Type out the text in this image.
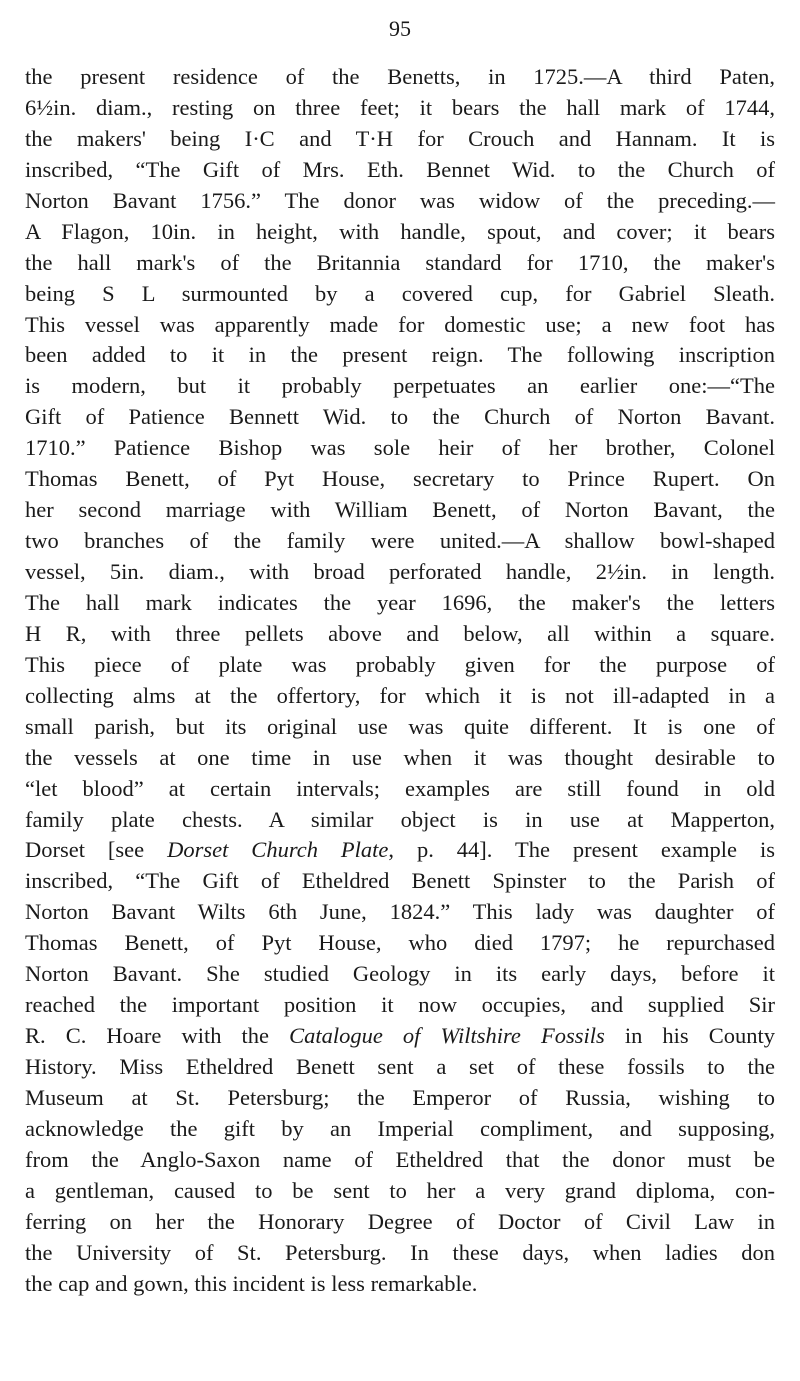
95
the present residence of the Benetts, in 1725.—A third Paten,
6½in. diam., resting on three feet; it bears the hall mark of 1744,
the makers' being I·C and T·H for Crouch and Hannam. It is
inscribed, “The Gift of Mrs. Eth. Bennet Wid. to the Church of
Norton Bavant 1756.” The donor was widow of the preceding.—
A Flagon, 10in. in height, with handle, spout, and cover; it bears
the hall mark's of the Britannia standard for 1710, the maker's
being S L surmounted by a covered cup, for Gabriel Sleath.
This vessel was apparently made for domestic use; a new foot has
been added to it in the present reign. The following inscription
is modern, but it probably perpetuates an earlier one:—“The
Gift of Patience Bennett Wid. to the Church of Norton Bavant.
1710.” Patience Bishop was sole heir of her brother, Colonel
Thomas Benett, of Pyt House, secretary to Prince Rupert. On
her second marriage with William Benett, of Norton Bavant, the
two branches of the family were united.—A shallow bowl-shaped
vessel, 5in. diam., with broad perforated handle, 2½in. in length.
The hall mark indicates the year 1696, the maker's the letters
H R, with three pellets above and below, all within a square.
This piece of plate was probably given for the purpose of
collecting alms at the offertory, for which it is not ill-adapted in a
small parish, but its original use was quite different. It is one of
the vessels at one time in use when it was thought desirable to
“let blood” at certain intervals; examples are still found in old
family plate chests. A similar object is in use at Mapperton,
Dorset [see Dorset Church Plate, p. 44]. The present example is
inscribed, “The Gift of Etheldred Benett Spinster to the Parish of
Norton Bavant Wilts 6th June, 1824.” This lady was daughter of
Thomas Benett, of Pyt House, who died 1797; he repurchased
Norton Bavant. She studied Geology in its early days, before it
reached the important position it now occupies, and supplied Sir
R. C. Hoare with the Catalogue of Wiltshire Fossils in his County
History. Miss Etheldred Benett sent a set of these fossils to the
Museum at St. Petersburg; the Emperor of Russia, wishing to
acknowledge the gift by an Imperial compliment, and supposing,
from the Anglo-Saxon name of Etheldred that the donor must be
a gentleman, caused to be sent to her a very grand diploma, con-
ferring on her the Honorary Degree of Doctor of Civil Law in
the University of St. Petersburg. In these days, when ladies don
the cap and gown, this incident is less remarkable.
